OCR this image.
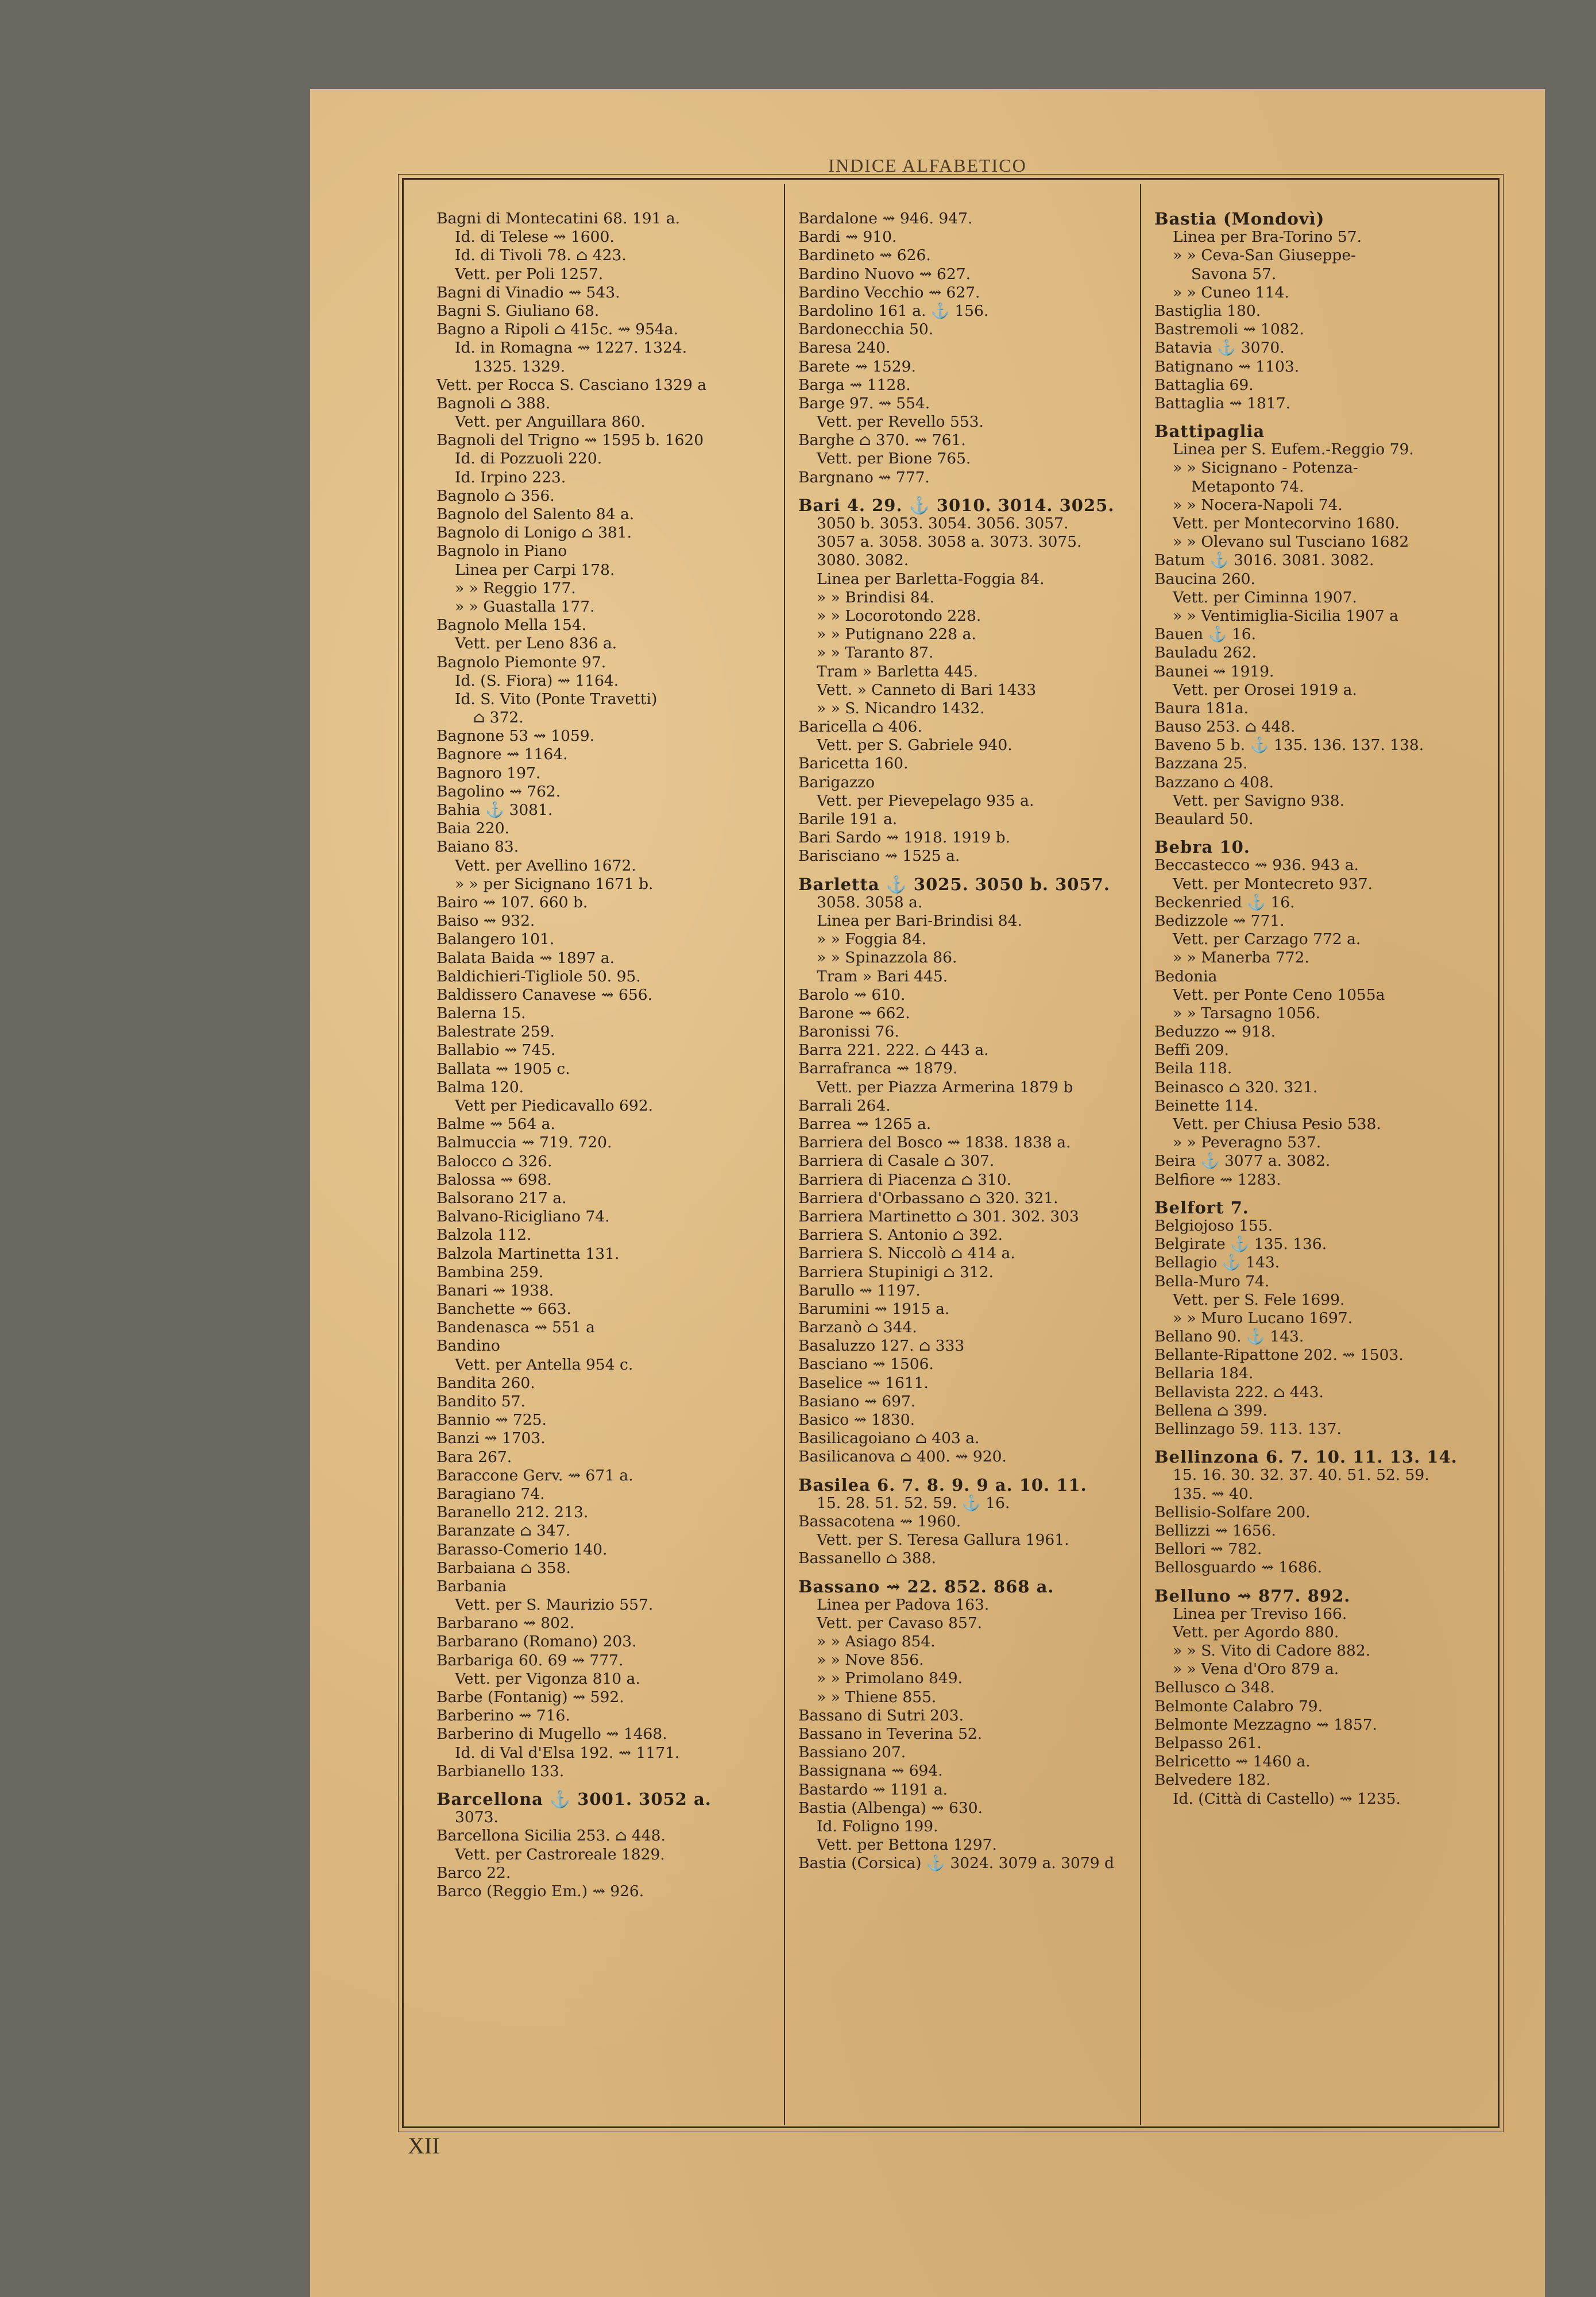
INDICE ALFABETICO
Bagni di Montecatini 68. 191 a.
Id. di Telese ⇝ 1600.
Id. di Tivoli 78. ⌂ 423.
Vett. per Poli 1257.
Bagni di Vinadio ⇝ 543.
Bagni S. Giuliano 68.
Bagno a Ripoli ⌂ 415c. ⇝ 954a.
Id. in Romagna ⇝ 1227. 1324.
1325. 1329.
Vett. per Rocca S. Casciano 1329 a
Bagnoli ⌂ 388.
Vett. per Anguillara 860.
Bagnoli del Trigno ⇝ 1595 b. 1620
Id. di Pozzuoli 220.
Id. Irpino 223.
Bagnolo ⌂ 356.
Bagnolo del Salento 84 a.
Bagnolo di Lonigo ⌂ 381.
Bagnolo in Piano
Linea per Carpi 178.
» » Reggio 177.
» » Guastalla 177.
Bagnolo Mella 154.
Vett. per Leno 836 a.
Bagnolo Piemonte 97.
Id. (S. Fiora) ⇝ 1164.
Id. S. Vito (Ponte Travetti)
⌂ 372.
Bagnone 53 ⇝ 1059.
Bagnore ⇝ 1164.
Bagnoro 197.
Bagolino ⇝ 762.
Bahia ⚓ 3081.
Baia 220.
Baiano 83.
Vett. per Avellino 1672.
» » per Sicignano 1671 b.
Bairo ⇝ 107. 660 b.
Baiso ⇝ 932.
Balangero 101.
Balata Baida ⇝ 1897 a.
Baldichieri-Tigliole 50. 95.
Baldissero Canavese ⇝ 656.
Balerna 15.
Balestrate 259.
Ballabio ⇝ 745.
Ballata ⇝ 1905 c.
Balma 120.
Vett per Piedicavallo 692.
Balme ⇝ 564 a.
Balmuccia ⇝ 719. 720.
Balocco ⌂ 326.
Balossa ⇝ 698.
Balsorano 217 a.
Balvano-Ricigliano 74.
Balzola 112.
Balzola Martinetta 131.
Bambina 259.
Banari ⇝ 1938.
Banchette ⇝ 663.
Bandenasca ⇝ 551 a
Bandino
Vett. per Antella 954 c.
Bandita 260.
Bandito 57.
Bannio ⇝ 725.
Banzi ⇝ 1703.
Bara 267.
Baraccone Gerv. ⇝ 671 a.
Baragiano 74.
Baranello 212. 213.
Baranzate ⌂ 347.
Barasso-Comerio 140.
Barbaiana ⌂ 358.
Barbania
Vett. per S. Maurizio 557.
Barbarano ⇝ 802.
Barbarano (Romano) 203.
Barbariga 60. 69 ⇝ 777.
Vett. per Vigonza 810 a.
Barbe (Fontanig) ⇝ 592.
Barberino ⇝ 716.
Barberino di Mugello ⇝ 1468.
Id. di Val d'Elsa 192. ⇝ 1171.
Barbianello 133.
Barcellona ⚓ 3001. 3052 a.
3073.
Barcellona Sicilia 253. ⌂ 448.
Vett. per Castroreale 1829.
Barco 22.
Barco (Reggio Em.) ⇝ 926.
Bardalone ⇝ 946. 947.
Bardi ⇝ 910.
Bardineto ⇝ 626.
Bardino Nuovo ⇝ 627.
Bardino Vecchio ⇝ 627.
Bardolino 161 a. ⚓ 156.
Bardonecchia 50.
Baresa 240.
Barete ⇝ 1529.
Barga ⇝ 1128.
Barge 97. ⇝ 554.
Vett. per Revello 553.
Barghe ⌂ 370. ⇝ 761.
Vett. per Bione 765.
Bargnano ⇝ 777.
Bari 4. 29. ⚓ 3010. 3014. 3025.
3050 b. 3053. 3054. 3056. 3057.
3057 a. 3058. 3058 a. 3073. 3075.
3080. 3082.
Linea per Barletta-Foggia 84.
» » Brindisi 84.
» » Locorotondo 228.
» » Putignano 228 a.
» » Taranto 87.
Tram » Barletta 445.
Vett. » Canneto di Bari 1433
» » S. Nicandro 1432.
Baricella ⌂ 406.
Vett. per S. Gabriele 940.
Baricetta 160.
Barigazzo
Vett. per Pievepelago 935 a.
Barile 191 a.
Bari Sardo ⇝ 1918. 1919 b.
Barisciano ⇝ 1525 a.
Barletta ⚓ 3025. 3050 b. 3057.
3058. 3058 a.
Linea per Bari-Brindisi 84.
» » Foggia 84.
» » Spinazzola 86.
Tram » Bari 445.
Barolo ⇝ 610.
Barone ⇝ 662.
Baronissi 76.
Barra 221. 222. ⌂ 443 a.
Barrafranca ⇝ 1879.
Vett. per Piazza Armerina 1879 b
Barrali 264.
Barrea ⇝ 1265 a.
Barriera del Bosco ⇝ 1838. 1838 a.
Barriera di Casale ⌂ 307.
Barriera di Piacenza ⌂ 310.
Barriera d'Orbassano ⌂ 320. 321.
Barriera Martinetto ⌂ 301. 302. 303
Barriera S. Antonio ⌂ 392.
Barriera S. Niccolò ⌂ 414 a.
Barriera Stupinigi ⌂ 312.
Barullo ⇝ 1197.
Barumini ⇝ 1915 a.
Barzanò ⌂ 344.
Basaluzzo 127. ⌂ 333
Basciano ⇝ 1506.
Baselice ⇝ 1611.
Basiano ⇝ 697.
Basico ⇝ 1830.
Basilicagoiano ⌂ 403 a.
Basilicanova ⌂ 400. ⇝ 920.
Basilea 6. 7. 8. 9. 9 a. 10. 11.
15. 28. 51. 52. 59. ⚓ 16.
Bassacotena ⇝ 1960.
Vett. per S. Teresa Gallura 1961.
Bassanello ⌂ 388.
Bassano ⇝ 22. 852. 868 a.
Linea per Padova 163.
Vett. per Cavaso 857.
» » Asiago 854.
» » Nove 856.
» » Primolano 849.
» » Thiene 855.
Bassano di Sutri 203.
Bassano in Teverina 52.
Bassiano 207.
Bassignana ⇝ 694.
Bastardo ⇝ 1191 a.
Bastia (Albenga) ⇝ 630.
Id. Foligno 199.
Vett. per Bettona 1297.
Bastia (Corsica) ⚓ 3024. 3079 a. 3079 d
Bastia (Mondovì)
Linea per Bra-Torino 57.
» » Ceva-San Giuseppe-
Savona 57.
» » Cuneo 114.
Bastiglia 180.
Bastremoli ⇝ 1082.
Batavia ⚓ 3070.
Batignano ⇝ 1103.
Battaglia 69.
Battaglia ⇝ 1817.
Battipaglia
Linea per S. Eufem.-Reggio 79.
» » Sicignano - Potenza-
Metaponto 74.
» » Nocera-Napoli 74.
Vett. per Montecorvino 1680.
» » Olevano sul Tusciano 1682
Batum ⚓ 3016. 3081. 3082.
Baucina 260.
Vett. per Ciminna 1907.
» » Ventimiglia-Sicilia 1907 a
Bauen ⚓ 16.
Bauladu 262.
Baunei ⇝ 1919.
Vett. per Orosei 1919 a.
Baura 181a.
Bauso 253. ⌂ 448.
Baveno 5 b. ⚓ 135. 136. 137. 138.
Bazzana 25.
Bazzano ⌂ 408.
Vett. per Savigno 938.
Beaulard 50.
Bebra 10.
Beccastecco ⇝ 936. 943 a.
Vett. per Montecreto 937.
Beckenried ⚓ 16.
Bedizzole ⇝ 771.
Vett. per Carzago 772 a.
» » Manerba 772.
Bedonia
Vett. per Ponte Ceno 1055a
» » Tarsagno 1056.
Beduzzo ⇝ 918.
Beffi 209.
Beila 118.
Beinasco ⌂ 320. 321.
Beinette 114.
Vett. per Chiusa Pesio 538.
» » Peveragno 537.
Beira ⚓ 3077 a. 3082.
Belfiore ⇝ 1283.
Belfort 7.
Belgiojoso 155.
Belgirate ⚓ 135. 136.
Bellagio ⚓ 143.
Bella-Muro 74.
Vett. per S. Fele 1699.
» » Muro Lucano 1697.
Bellano 90. ⚓ 143.
Bellante-Ripattone 202. ⇝ 1503.
Bellaria 184.
Bellavista 222. ⌂ 443.
Bellena ⌂ 399.
Bellinzago 59. 113. 137.
Bellinzona 6. 7. 10. 11. 13. 14.
15. 16. 30. 32. 37. 40. 51. 52. 59.
135. ⇝ 40.
Bellisio-Solfare 200.
Bellizzi ⇝ 1656.
Bellori ⇝ 782.
Bellosguardo ⇝ 1686.
Belluno ⇝ 877. 892.
Linea per Treviso 166.
Vett. per Agordo 880.
» » S. Vito di Cadore 882.
» » Vena d'Oro 879 a.
Bellusco ⌂ 348.
Belmonte Calabro 79.
Belmonte Mezzagno ⇝ 1857.
Belpasso 261.
Belricetto ⇝ 1460 a.
Belvedere 182.
Id. (Città di Castello) ⇝ 1235.
XII
